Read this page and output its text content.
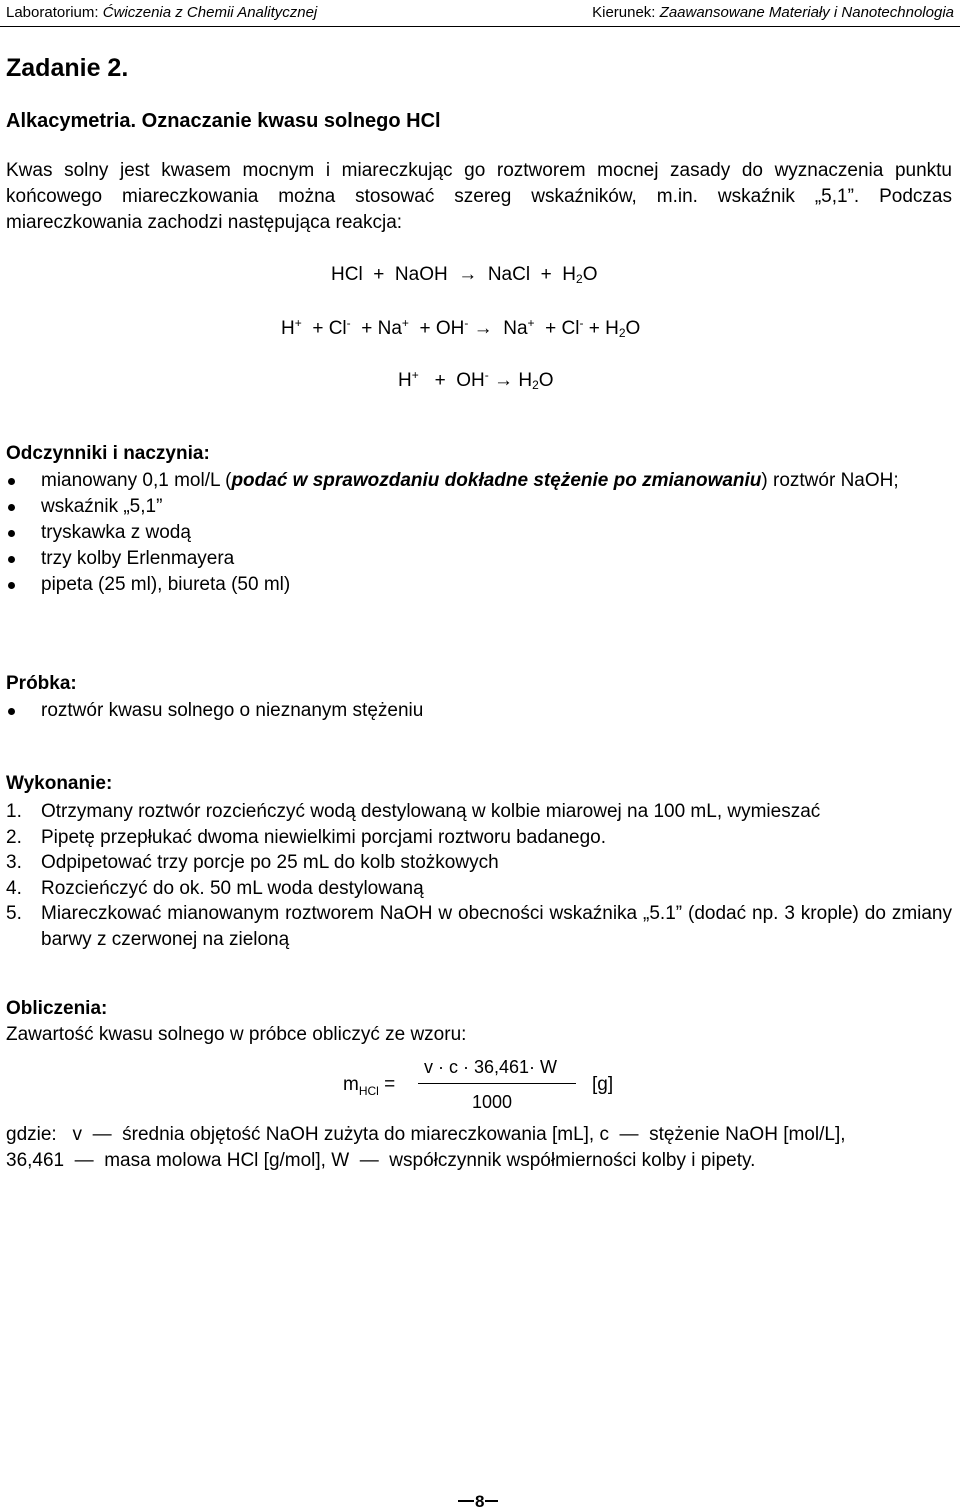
Laboratorium: Ćwiczenia z Chemii Analitycznej	Kierunek: Zaawansowane Materiały i Nanotechnologia
Zadanie 2.
Alkacymetria. Oznaczanie kwasu solnego HCl
Kwas solny jest kwasem mocnym i miareczkując go roztworem mocnej zasady do wyznaczenia punktu końcowego miareczkowania można stosować szereg wskaźników, m.in. wskaźnik „5,1”. Podczas miareczkowania zachodzi następująca reakcja:
HCl + NaOH → NaCl + $H_2O$
$H^+ + Cl^- + Na^+ + OH^- \to Na^+ + Cl^- + H_2O$
$H^+ + OH^- \to H_2O$
Odczynniki i naczynia:
mianowany 0,1 mol/L (podać w sprawozdaniu dokładne stężenie po zmianowaniu) roztwór NaOH;
wskaźnik „5,1”
tryskawka z wodą
trzy kolby Erlenmayera
pipeta (25 ml), biureta (50 ml)
Próbka:
roztwór kwasu solnego o nieznanym stężeniu
Wykonanie:
1. Otrzymany roztwór rozcieńczyć wodą destylowaną w kolbie miarowej na 100 mL, wymieszać
2. Pipetę przepłukać dwoma niewielkimi porcjami roztworu badanego.
3. Odpipetować trzy porcje po 25 mL do kolb stożkowych
4. Rozcieńczyć do ok. 50 mL woda destylowaną
5. Miareczkować mianowanym roztworem NaOH w obecności wskaźnika „5.1” (dodać np. 3 krople) do zmiany barwy z czerwonej na zieloną
Obliczenia:
Zawartość kwasu solnego w próbce obliczyć ze wzoru:
$m_{HCl}$ =
v · c · 36,461· W
1000
[g]
gdzie:   v  —  średnia objętość NaOH zużyta do miareczkowania [mL], c  —  stężenie NaOH [mol/L],
36,461  —  masa molowa HCl [g/mol], W  —  współczynnik współmierności kolby i pipety.
8
